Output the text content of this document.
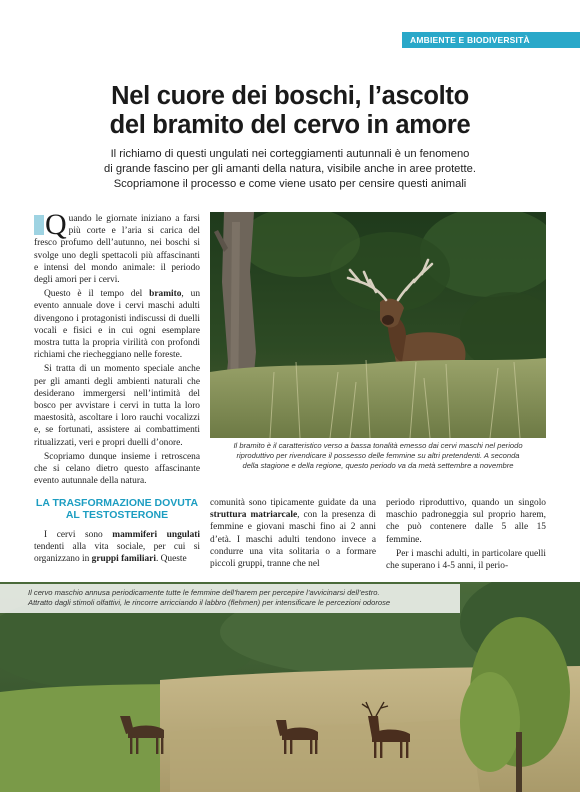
AMBIENTE E BIODIVERSITÀ
Nel cuore dei boschi, l’ascolto
del bramito del cervo in amore
Il richiamo di questi ungulati nei corteggiamenti autunnali è un fenomeno
di grande fascino per gli amanti della natura, visibile anche in aree protette.
Scopriamone il processo e come viene usato per censire questi animali

Q uando le giornate iniziano a farsi più corte e l’aria si carica del fresco profumo dell’autunno, nei boschi si svolge uno degli spettacoli più affascinanti e intensi del mondo animale: il periodo degli amori per i cervi.

Questo è il tempo del bramito, un evento annuale dove i cervi maschi adulti divengono i protagonisti indiscussi di duelli vocali e fisici e in cui ogni esemplare mostra tutta la propria virilità con profondi richiami che riecheggiano nelle foreste.

Si tratta di un momento speciale anche per gli amanti degli ambienti naturali che desiderano immergersi nell’intimità del bosco per avvistare i cervi in tutta la loro maestosità, ascoltare i loro rauchi vocalizzi e, se fortunati, assistere ai combattimenti ritualizzati, veri e propri duelli d’onore.

Scopriamo dunque insieme i retroscena che si celano dietro questo affascinante evento autunnale della natura.

LA TRASFORMAZIONE DOVUTA AL TESTOSTERONE

I cervi sono mammiferi ungulati tendenti alla vita sociale, per cui si organizzano in gruppi familiari. Queste

comunità sono tipicamente guidate da una struttura matriarcale, con la presenza di femmine e giovani maschi fino ai 2 anni d’età. I maschi adulti tendono invece a condurre una vita solitaria o a formare piccoli gruppi, tranne che nel

periodo riproduttivo, quando un singolo maschio padroneggia sul proprio harem, che può contenere dalle 5 alle 15 femmine.

Per i maschi adulti, in particolare quelli che superano i 4-5 anni, il perio-

Il bramito è il caratteristico verso a bassa tonalità emesso dai cervi maschi nel periodo
riproduttivo per rivendicare il possesso delle femmine su altri pretendenti. A seconda
della stagione e della regione, questo periodo va da metà settembre a novembre
Il cervo maschio annusa periodicamente tutte le femmine dell’harem per percepire l’avvicinarsi dell’estro.
Attratto dagli stimoli olfattivi, le rincorre arricciando il labbro (flehmen) per intensificare le percezioni odorose
